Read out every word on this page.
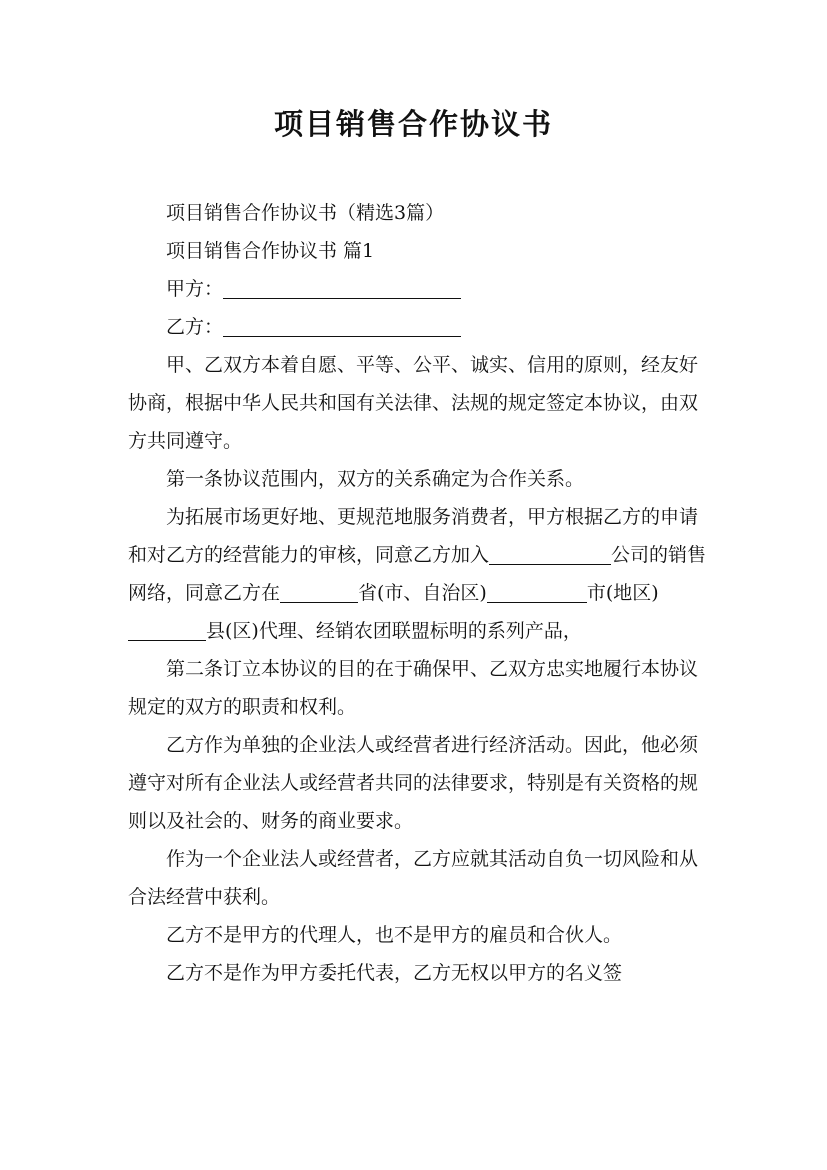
项目销售合作协议书

项目销售合作协议书（精选3篇）

项目销售合作协议书 篇1

甲方：

乙方：

甲、乙双方本着自愿、平等、公平、诚实、信用的原则，经友好协商，根据中华人民共和国有关法律、法规的规定签定本协议，由双方共同遵守。

第一条协议范围内，双方的关系确定为合作关系。

为拓展市场更好地、更规范地服务消费者，甲方根据乙方的申请和对乙方的经营能力的审核，同意乙方加入	公司的销售网络，同意乙方在	省(市、自治区)	市(地区)县(区)代理、经销农团联盟标明的系列产品，

第二条订立本协议的目的在于确保甲、乙双方忠实地履行本协议规定的双方的职责和权利。

乙方作为单独的企业法人或经营者进行经济活动。因此，他必须遵守对所有企业法人或经营者共同的法律要求，特别是有关资格的规则以及社会的、财务的商业要求。

作为一个企业法人或经营者，乙方应就其活动自负一切风险和从合法经营中获利。

乙方不是甲方的代理人，也不是甲方的雇员和合伙人。

乙方不是作为甲方委托代表，乙方无权以甲方的名义签
